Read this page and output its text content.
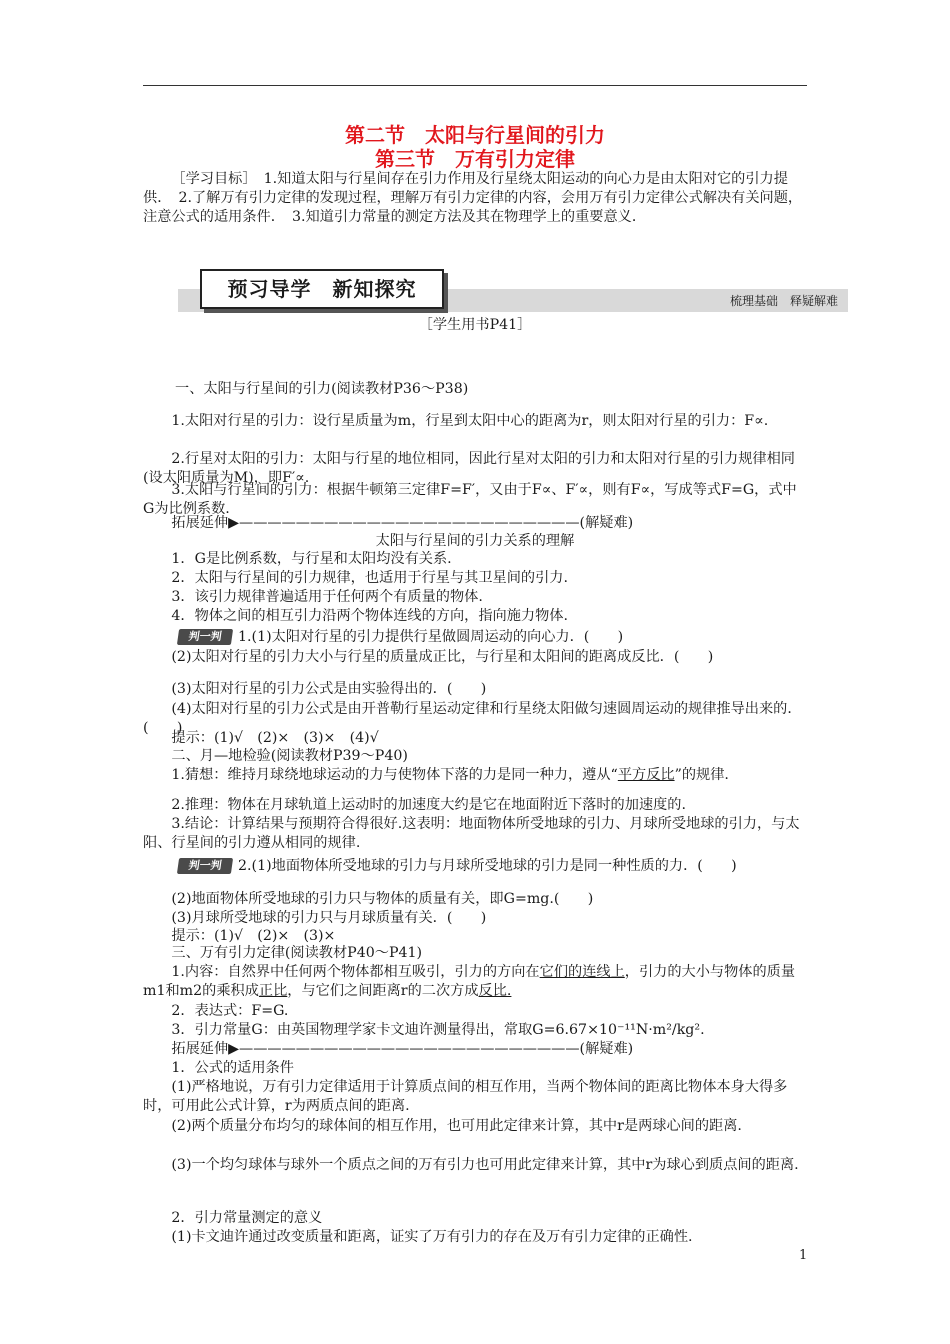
第二节　太阳与行星间的引力
第三节　万有引力定律

［学习目标］　1.知道太阳与行星间存在引力作用及行星绕太阳运动的向心力是由太阳对它的引力提供．　2.了解万有引力定律的发现过程，理解万有引力定律的内容，会用万有引力定律公式解决有关问题，注意公式的适用条件．　3.知道引力常量的测定方法及其在物理学上的重要意义．

预习导学　新知探究	梳理基础　释疑解难
［学生用书P41］

一、太阳与行星间的引力(阅读教材P36～P38)

1.太阳对行星的引力：设行星质量为m，行星到太阳中心的距离为r，则太阳对行星的引力：F∝.

2.行星对太阳的引力：太阳与行星的地位相同，因此行星对太阳的引力和太阳对行星的引力规律相同(设太阳质量为M)，即F′∝.

3.太阳与行星间的引力：根据牛顿第三定律F=F′，又由于F∝、F′∝，则有F∝，写成等式F=G，式中G为比例系数.

拓展延伸▶————————————————————————(解疑难)

太阳与行星间的引力关系的理解

1．G是比例系数，与行星和太阳均没有关系.

2．太阳与行星间的引力规律，也适用于行星与其卫星间的引力.

3．该引力规律普遍适用于任何两个有质量的物体.

4．物体之间的相互引力沿两个物体连线的方向，指向施力物体.

判一判 1.(1)太阳对行星的引力提供行星做圆周运动的向心力．(　　)

(2)太阳对行星的引力大小与行星的质量成正比，与行星和太阳间的距离成反比．(　　)

(3)太阳对行星的引力公式是由实验得出的．(　　)

(4)太阳对行星的引力公式是由开普勒行星运动定律和行星绕太阳做匀速圆周运动的规律推导出来的．(　　)

提示：(1)√　(2)×　(3)×　(4)√

二、月—地检验(阅读教材P39～P40)

1.猜想：维持月球绕地球运动的力与使物体下落的力是同一种力，遵从“平方反比”的规律.

2.推理：物体在月球轨道上运动时的加速度大约是它在地面附近下落时的加速度的.

3.结论：计算结果与预期符合得很好.这表明：地面物体所受地球的引力、月球所受地球的引力，与太阳、行星间的引力遵从相同的规律.

判一判 2.(1)地面物体所受地球的引力与月球所受地球的引力是同一种性质的力．(　　)

(2)地面物体所受地球的引力只与物体的质量有关，即G=mg.(　　)

(3)月球所受地球的引力只与月球质量有关．(　　)

提示：(1)√　(2)×　(3)×

三、万有引力定律(阅读教材P40～P41)

1.内容：自然界中任何两个物体都相互吸引，引力的方向在它们的连线上，引力的大小与物体的质量m1和m2的乘积成正比，与它们之间距离r的二次方成反比.

2．表达式：F=G.

3．引力常量G：由英国物理学家卡文迪许测量得出，常取G=6.67×10⁻¹¹N·m²/kg².

拓展延伸▶————————————————————————(解疑难)

1．公式的适用条件

(1)严格地说，万有引力定律适用于计算质点间的相互作用，当两个物体间的距离比物体本身大得多时，可用此公式计算，r为两质点间的距离.

(2)两个质量分布均匀的球体间的相互作用，也可用此定律来计算，其中r是两球心间的距离.

(3)一个均匀球体与球外一个质点之间的万有引力也可用此定律来计算，其中r为球心到质点间的距离.

2．引力常量测定的意义

(1)卡文迪许通过改变质量和距离，证实了万有引力的存在及万有引力定律的正确性.

1
